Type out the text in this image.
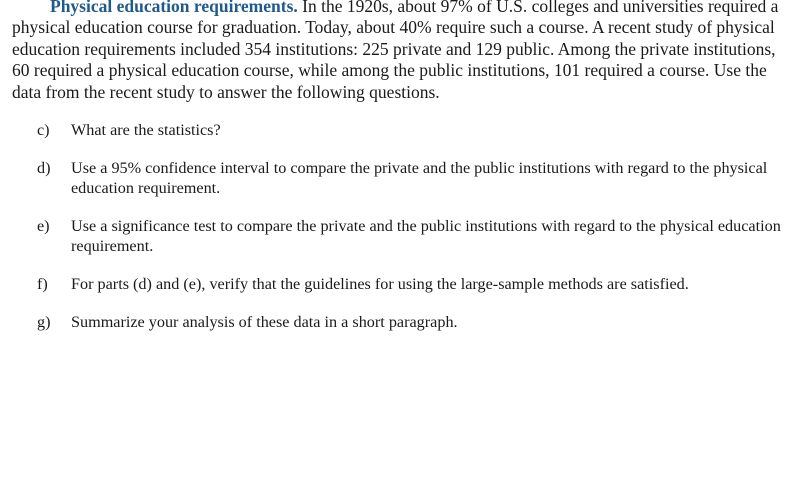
Physical education requirements. In the 1920s, about 97% of U.S. colleges and universities required a physical education course for graduation. Today, about 40% require such a course. A recent study of physical education requirements included 354 institutions: 225 private and 129 public. Among the private institutions, 60 required a physical education course, while among the public institutions, 101 required a course. Use the data from the recent study to answer the following questions.

c)	What are the statistics?
d)	Use a 95% confidence interval to compare the private and the public institutions with regard to the physical education requirement.
e)	Use a significance test to compare the private and the public institutions with regard to the physical education requirement.
f)	For parts (d) and (e), verify that the guidelines for using the large-sample methods are satisfied.
g)	Summarize your analysis of these data in a short paragraph.
